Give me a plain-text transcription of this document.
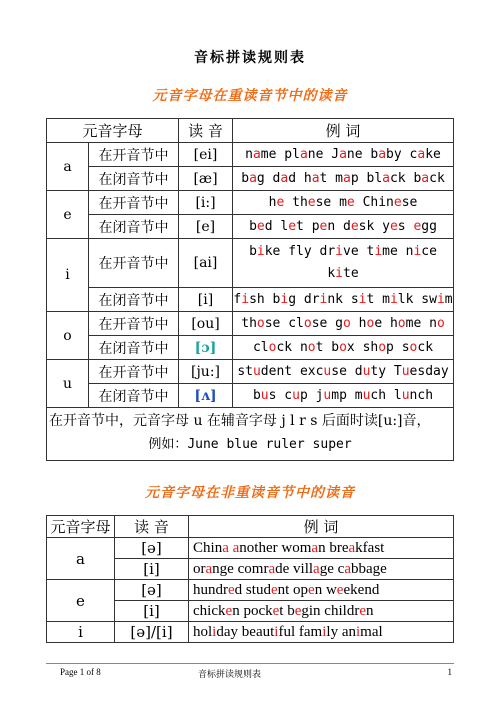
音标拼读规则表
元音字母在重读音节中的读音
元音字母		读 音	例 词
a	在开音节中	[ei]	name plane Jane baby cake
	在闭音节中	[æ]	bag dad hat map black back
e	在开音节中	[i:]	he these me Chinese
	在闭音节中	[e]	bed let pen desk yes egg
i	在开音节中	[ai]	bike fly drive time nice kite
	在闭音节中	[i]	fish big drink sit milk swim
o	在开音节中	[ou]	those close go hoe home no
	在闭音节中	[ɔ]	clock not box shop sock
u	在开音节中	[ju:]	student excuse duty Tuesday
	在闭音节中	[ʌ]	bus cup jump much lunch
在开音节中，元音字母 u 在辅音字母 j l r s 后面时读[u:]音，
例如：June blue ruler super			
元音字母在非重读音节中的读音
元音字母	读 音	例 词
a	[ə]	China another woman breakfast
	[i]	orange comrade village cabbage
e	[ə]	hundred student open weekend
	[i]	chicken pocket begin children
i	[ə]/[i]	holiday beautiful family animal
Page 1 of 8	音标拼读规则表	1
